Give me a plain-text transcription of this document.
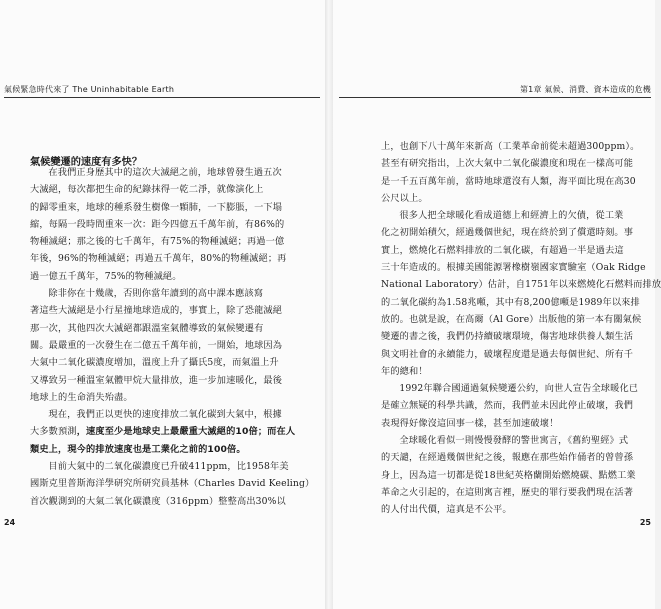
氣候緊急時代來了 The Uninhabitable Earth
氣候變遷的速度有多快？
在我們正身歷其中的這次大滅絕之前，地球曾發生過五次
大滅絕，每次都把生命的紀錄抹得一乾二淨，就像演化上
的歸零重來，地球的種系發生樹像一顆肺，一下膨脹，一下塌
縮，每隔一段時間重來一次：距今四億五千萬年前，有86%的
物種滅絕；那之後的七千萬年，有75%的物種滅絕；再過一億
年後，96%的物種滅絕；再過五千萬年，80%的物種滅絕；再
過一億五千萬年，75%的物種滅絕。
除非你在十幾歲，否則你當年讀到的高中課本應該寫
著這些大滅絕是小行星撞地球造成的，事實上，除了恐龍滅絕
那一次，其他四次大滅絕都跟溫室氣體導致的氣候變遷有
關。最嚴重的一次發生在二億五千萬年前，一開始，地球因為
大氣中二氧化碳濃度增加，溫度上升了攝氏5度，而氣溫上升
又導致另一種溫室氣體甲烷大量排放，進一步加速暖化，最後
地球上的生命消失殆盡。
現在，我們正以更快的速度排放二氧化碳到大氣中，根據
大多數預測，速度至少是地球史上最嚴重大滅絕的10倍；而在人
類史上，現今的排放速度也是工業化之前的100倍。
目前大氣中的二氧化碳濃度已升破411ppm，比1958年美
國斯克里普斯海洋學研究所研究員基林（Charles David Keeling）
首次觀測到的大氣二氧化碳濃度（316ppm）整整高出30%以
24
第1章 氣候、消費、資本造成的危機
上，也創下八十萬年來新高（工業革命前從未超過300ppm）。
甚至有研究指出，上次大氣中二氧化碳濃度和現在一樣高可能
是一千五百萬年前，當時地球還沒有人類，海平面比現在高30
公尺以上。
很多人把全球暖化看成道德上和經濟上的欠債，從工業
化之初開始積欠，經過幾個世紀，現在終於到了償還時刻。事
實上，燃燒化石燃料排放的二氧化碳，有超過一半是過去這
三十年造成的。根據美國能源署橡樹嶺國家實驗室（Oak Ridge
National Laboratory）估計，自1751年以來燃燒化石燃料而排放
的二氧化碳約為1.58兆噸，其中有8,200億噸是1989年以來排
放的。也就是說，在高爾（Al Gore）出版他的第一本有關氣候
變遷的書之後，我們仍持續破壞環境，傷害地球供養人類生活
與文明社會的永續能力，破壞程度還是過去每個世紀、所有千
年的總和！
1992年聯合國通過氣候變遷公約，向世人宣告全球暖化已
是確立無疑的科學共識，然而，我們並未因此停止破壞，我們
表現得好像沒這回事一樣，甚至加速破壞！
全球暖化看似一則慢慢發酵的警世寓言，《舊約聖經》式
的天譴，在經過幾個世紀之後，報應在那些始作俑者的曾曾孫
身上，因為這一切都是從18世紀英格蘭開始燃燒碳、點燃工業
革命之火引起的，在這則寓言裡，歷史的罪行要我們現在活著
的人付出代價，這真是不公平。
25
